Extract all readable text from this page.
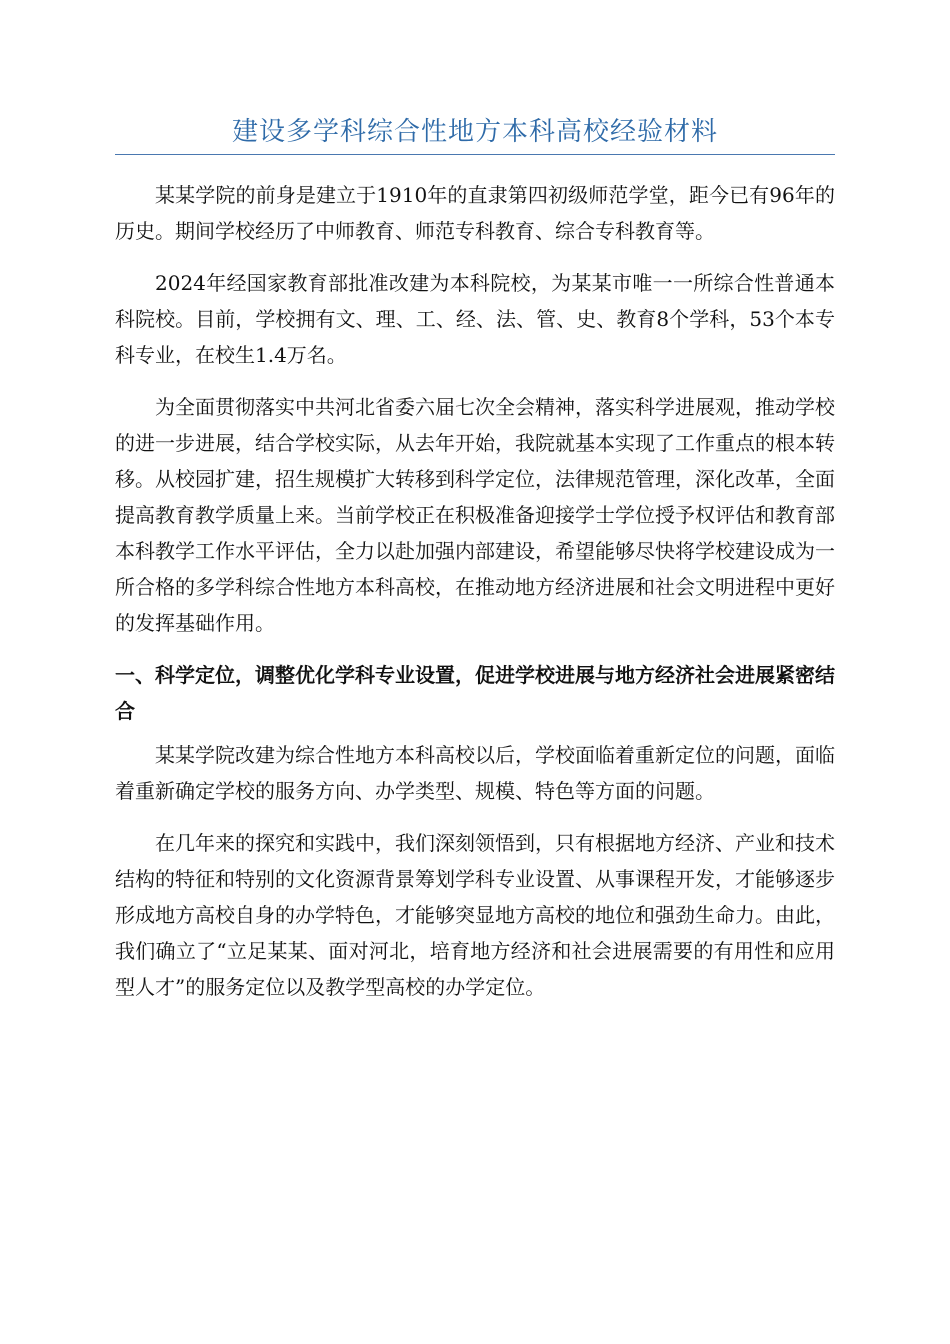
建设多学科综合性地方本科高校经验材料

某某学院的前身是建立于1910年的直隶第四初级师范学堂，距今已有96年的历史。期间学校经历了中师教育、师范专科教育、综合专科教育等。

2024年经国家教育部批准改建为本科院校，为某某市唯一一所综合性普通本科院校。目前，学校拥有文、理、工、经、法、管、史、教育8个学科，53个本专科专业，在校生1.4万名。

为全面贯彻落实中共河北省委六届七次全会精神，落实科学进展观，推动学校的进一步进展，结合学校实际，从去年开始，我院就基本实现了工作重点的根本转移。从校园扩建，招生规模扩大转移到科学定位，法律规范管理，深化改革，全面提高教育教学质量上来。当前学校正在积极准备迎接学士学位授予权评估和教育部本科教学工作水平评估，全力以赴加强内部建设，希望能够尽快将学校建设成为一所合格的多学科综合性地方本科高校，在推动地方经济进展和社会文明进程中更好的发挥基础作用。

一、科学定位，调整优化学科专业设置，促进学校进展与地方经济社会进展紧密结合

某某学院改建为综合性地方本科高校以后，学校面临着重新定位的问题，面临着重新确定学校的服务方向、办学类型、规模、特色等方面的问题。

在几年来的探究和实践中，我们深刻领悟到，只有根据地方经济、产业和技术结构的特征和特别的文化资源背景筹划学科专业设置、从事课程开发，才能够逐步形成地方高校自身的办学特色，才能够突显地方高校的地位和强劲生命力。由此，我们确立了“立足某某、面对河北，培育地方经济和社会进展需要的有用性和应用型人才”的服务定位以及教学型高校的办学定位。
